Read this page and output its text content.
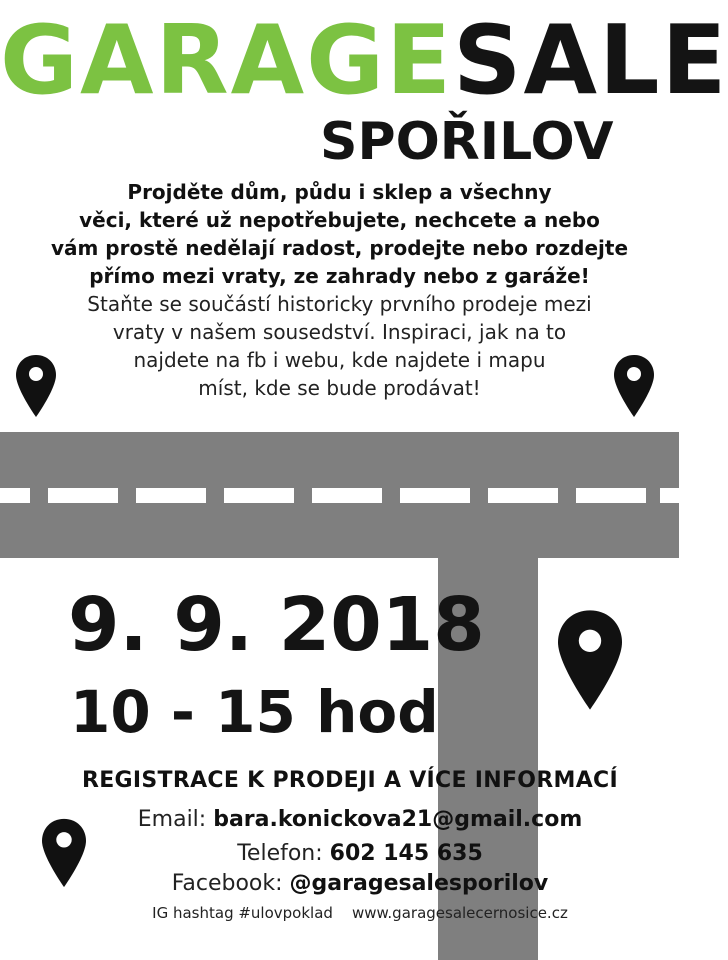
GARAGESALE
SPOŘILOV
Projděte dům, půdu i sklep a všechny
věci, které už nepotřebujete, nechcete a nebo
vám prostě nedělají radost, prodejte nebo rozdejte
přímo mezi vraty, ze zahrady nebo z garáže!
Staňte se součástí historicky prvního prodeje mezi
vraty v našem sousedství. Inspiraci, jak na to
najdete na fb i webu, kde najdete i mapu
míst, kde se bude prodávat!
9. 9. 2018
10 - 15 hod
REGISTRACE K PRODEJI A VÍCE INFORMACÍ
Email: bara.konickova21@gmail.com
Telefon: 602 145 635
Facebook: @garagesalesporilov
IG hashtag #ulovpoklad    www.garagesalecernosice.cz
